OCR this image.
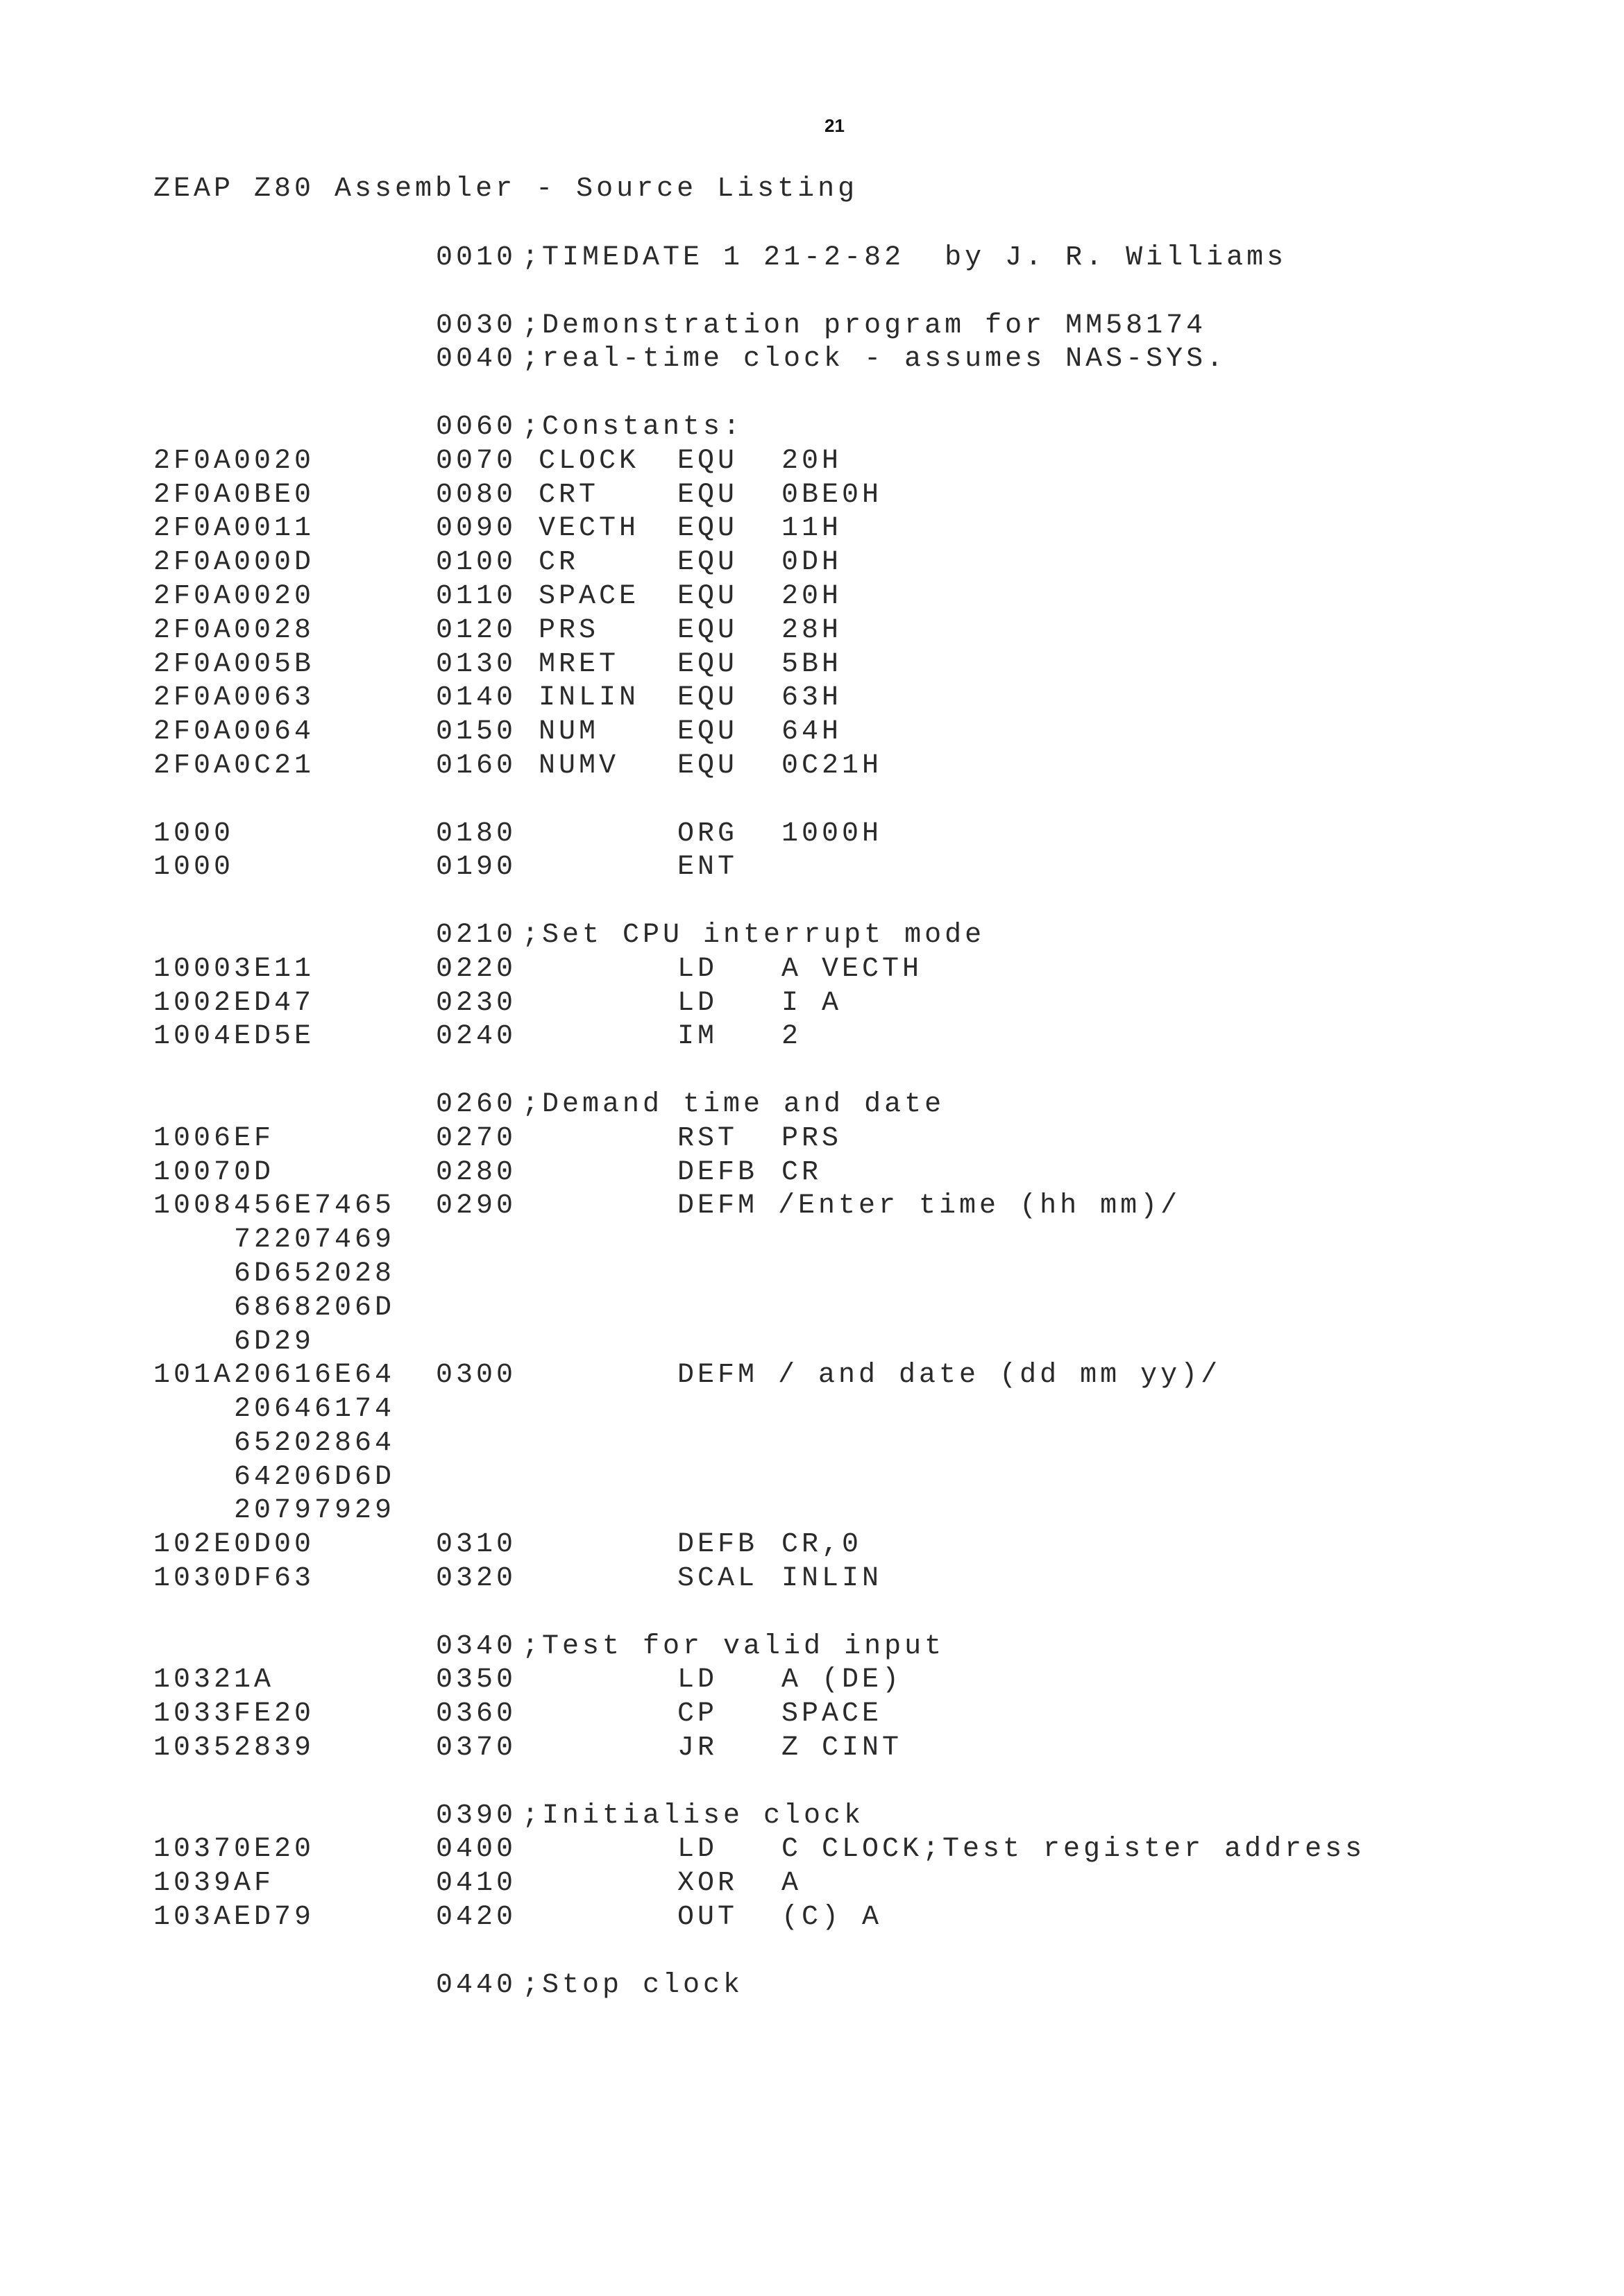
21
ZEAP Z80 Assembler - Source Listing
0010 ;TIMEDATE 1 21-2-82  by J. R. Williams
0030 ;Demonstration program for MM58174
0040 ;real-time clock - assumes NAS-SYS.
0060 ;Constants:
2F0A 0020	0070 CLOCK EQU 20H
2F0A 0BE0	0080 CRT	EQU 0BE0H
2F0A 0011	0090 VECTH EQU 11H
2F0A 000D	0100 CR	EQU 0DH
2F0A 0020	0110 SPACE EQU 20H
2F0A 0028	0120 PRS	EQU 28H
2F0A 005B	0130 MRET EQU 5BH
2F0A 0063	0140 INLIN EQU 63H
2F0A 0064	0150 NUM	EQU 64H
2F0A 0C21	0160 NUMV EQU 0C21H
1000	0180	ORG 1000H
1000	0190	ENT
0210 ;Set CPU interrupt mode
1000 3E11	0220	LD A VECTH
1002 ED47	0230	LD I A
1004 ED5E	0240	IM 2
0260 ;Demand time and date
1006 EF	0270	RST PRS
1007 0D	0280	DEFB CR
1008 456E7465 0290	DEFM /Enter time (hh mm)/
72207469
6D652028
6868206D
6D29
101A 20616E64 0300	DEFM / and date (dd mm yy)/
20646174
65202864
64206D6D
20797929
102E 0D00	0310	DEFB CR,0
1030 DF63	0320	SCAL INLIN
0340 ;Test for valid input
1032 1A	0350	LD A (DE)
1033 FE20	0360	CP SPACE
1035 2839	0370	JR Z CINT
0390 ;Initialise clock
1037 0E20	0400	LD C CLOCK;Test register address
1039 AF	0410	XOR A
103A ED79	0420	OUT (C) A
0440 ;Stop clock
